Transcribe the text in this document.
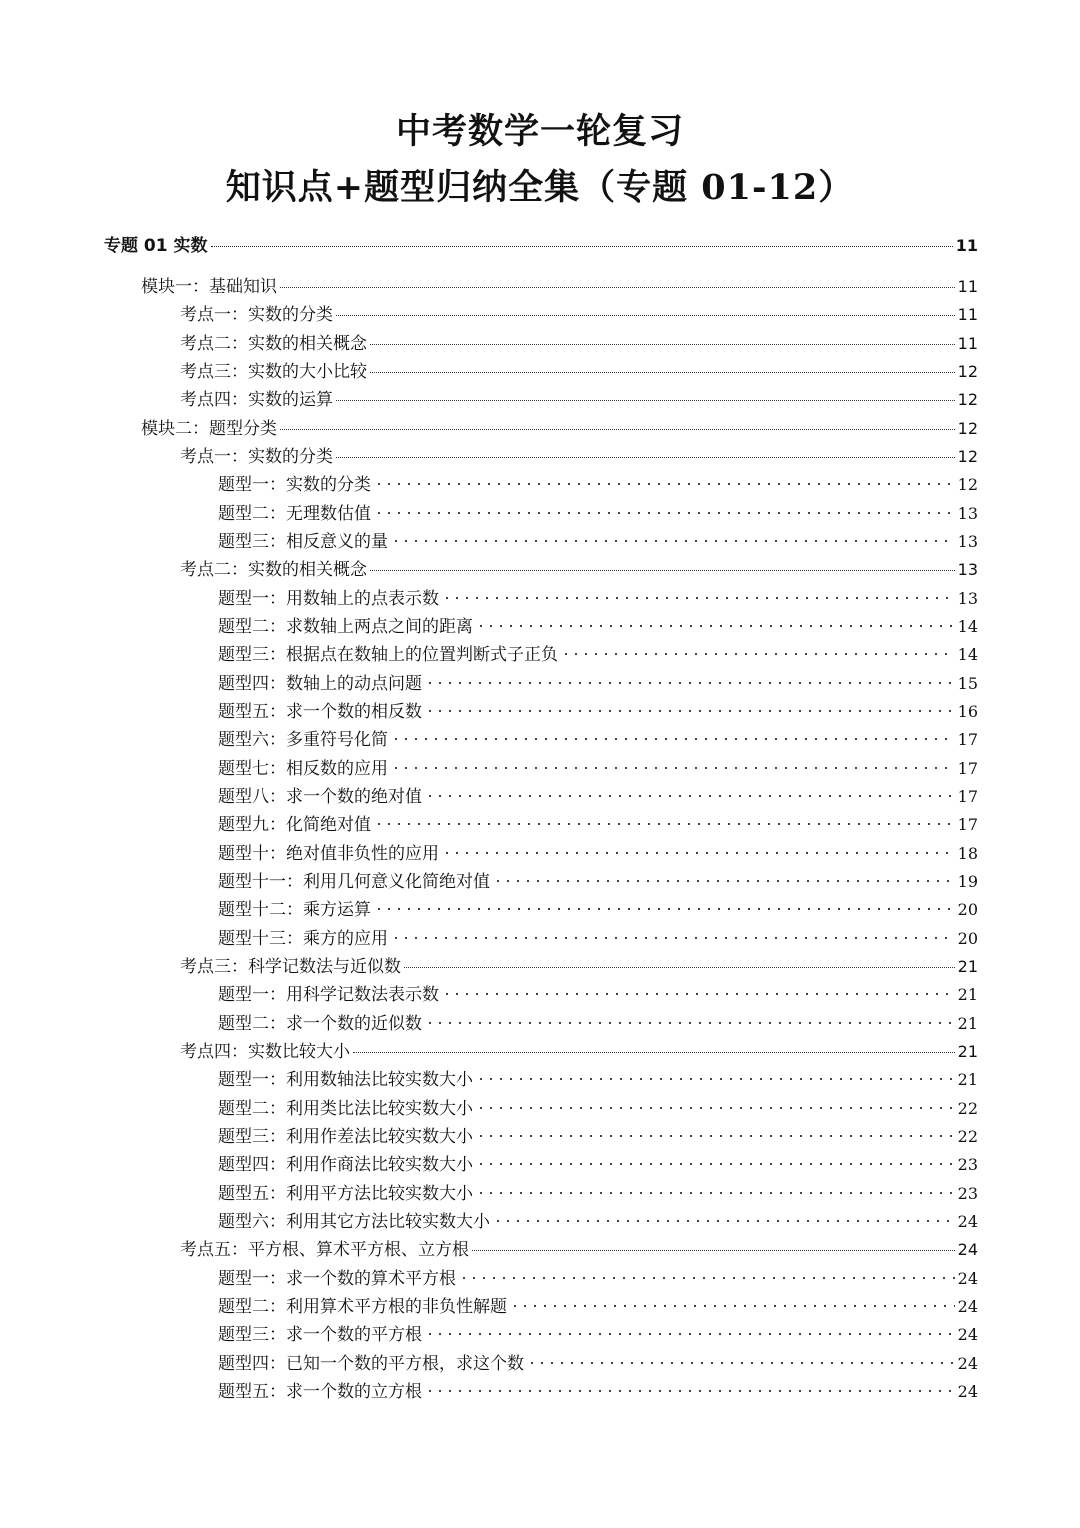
中考数学一轮复习
知识点+题型归纳全集（专题 01-12）
专题 01 实数	11
模块一：基础知识	11
考点一：实数的分类	11
考点二：实数的相关概念	11
考点三：实数的大小比较	12
考点四：实数的运算	12
模块二：题型分类	12
考点一：实数的分类	12
题型一：实数的分类	12
题型二：无理数估值	13
题型三：相反意义的量	13
考点二：实数的相关概念	13
题型一：用数轴上的点表示数	13
题型二：求数轴上两点之间的距离	14
题型三：根据点在数轴上的位置判断式子正负	14
题型四：数轴上的动点问题	15
题型五：求一个数的相反数	16
题型六：多重符号化简	17
题型七：相反数的应用	17
题型八：求一个数的绝对值	17
题型九：化简绝对值	17
题型十：绝对值非负性的应用	18
题型十一：利用几何意义化简绝对值	19
题型十二：乘方运算	20
题型十三：乘方的应用	20
考点三：科学记数法与近似数	21
题型一：用科学记数法表示数	21
题型二：求一个数的近似数	21
考点四：实数比较大小	21
题型一：利用数轴法比较实数大小	21
题型二：利用类比法比较实数大小	22
题型三：利用作差法比较实数大小	22
题型四：利用作商法比较实数大小	23
题型五：利用平方法比较实数大小	23
题型六：利用其它方法比较实数大小	24
考点五：平方根、算术平方根、立方根	24
题型一：求一个数的算术平方根	24
题型二：利用算术平方根的非负性解题	24
题型三：求一个数的平方根	24
题型四：已知一个数的平方根，求这个数	24
题型五：求一个数的立方根	24
